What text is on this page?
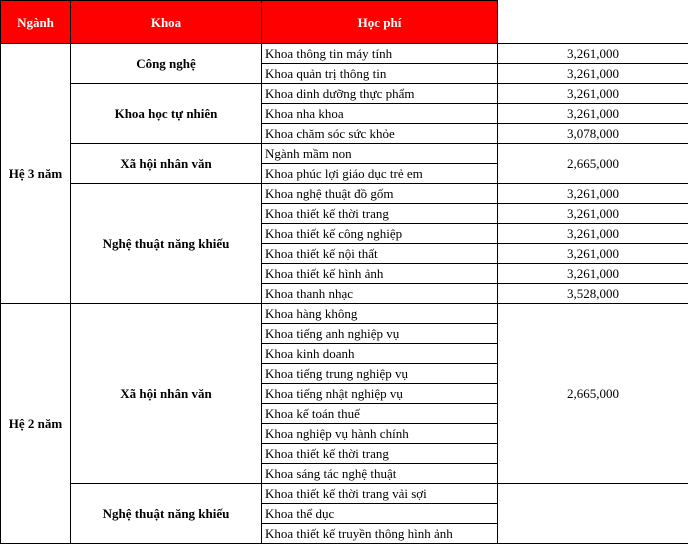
Ngành	Khoa	Học phí	
Hệ 3 năm	Công nghệ	Khoa thông tin máy tính	3,261,000
		Khoa quản trị thông tin	3,261,000
	Khoa học tự nhiên	Khoa dinh dưỡng thực phẩm	3,261,000
		Khoa nha khoa	3,261,000
		Khoa chăm sóc sức khỏe	3,078,000
	Xã hội nhân văn	Ngành mầm non	2,665,000
		Khoa phúc lợi giáo dục trẻ em	
	Nghệ thuật năng khiếu	Khoa nghệ thuật đồ gốm	3,261,000
		Khoa thiết kế thời trang	3,261,000
		Khoa thiết kế công nghiệp	3,261,000
		Khoa thiết kế nội thất	3,261,000
		Khoa thiết kế hình ảnh	3,261,000
		Khoa thanh nhạc	3,528,000
Hệ 2 năm	Xã hội nhân văn	Khoa hàng không	2,665,000
		Khoa tiếng anh nghiệp vụ	
		Khoa kinh doanh	
		Khoa tiếng trung nghiệp vụ	
		Khoa tiếng nhật nghiệp vụ	
		Khoa kế toán thuế	
		Khoa nghiệp vụ hành chính	
		Khoa thiết kế thời trang	
		Khoa sáng tác nghệ thuật	
	Nghệ thuật năng khiếu	Khoa thiết kế thời trang vải sợi	
		Khoa thể dục	
		Khoa thiết kế truyền thông hình ảnh	
